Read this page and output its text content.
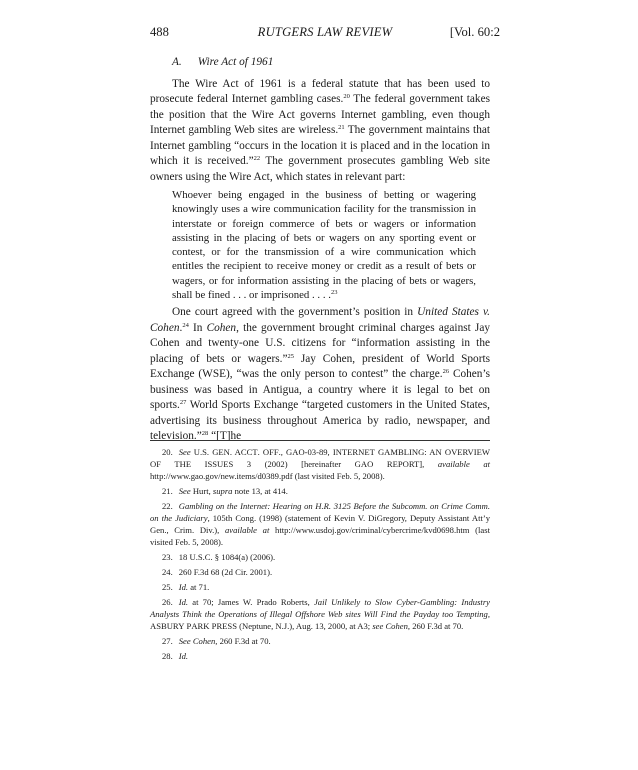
488	RUTGERS LAW REVIEW	[Vol. 60:2
A. Wire Act of 1961

The Wire Act of 1961 is a federal statute that has been used to prosecute federal Internet gambling cases.$^{20}$ The federal government takes the position that the Wire Act governs Internet gambling, even though Internet gambling Web sites are wireless.$^{21}$ The government maintains that Internet gambling “occurs in the location it is placed and in the location in which it is received.”$^{22}$ The government prosecutes gambling Web site owners using the Wire Act, which states in relevant part:

Whoever being engaged in the business of betting or wagering knowingly uses a wire communication facility for the transmission in interstate or foreign commerce of bets or wagers or information assisting in the placing of bets or wagers on any sporting event or contest, or for the transmission of a wire communication which entitles the recipient to receive money or credit as a result of bets or wagers, or for information assisting in the placing of bets or wagers, shall be fined . . . or imprisoned . . . .$^{23}$

One court agreed with the government’s position in United States v. Cohen.$^{24}$ In Cohen, the government brought criminal charges against Jay Cohen and twenty-one U.S. citizens for “information assisting in the placing of bets or wagers.”$^{25}$ Jay Cohen, president of World Sports Exchange (WSE), “was the only person to contest” the charge.$^{26}$ Cohen’s business was based in Antigua, a country where it is legal to bet on sports.$^{27}$ World Sports Exchange “targeted customers in the United States, advertising its business throughout America by radio, newspaper, and television.”$^{28}$ “[T]he

20. See U.S. GEN. ACCT. OFF., GAO-03-89, INTERNET GAMBLING: AN OVERVIEW OF THE ISSUES 3 (2002) [hereinafter GAO REPORT], available at http://www.gao.gov/new.items/d0389.pdf (last visited Feb. 5, 2008).

21. See Hurt, supra note 13, at 414.

22. Gambling on the Internet: Hearing on H.R. 3125 Before the Subcomm. on Crime Comm. on the Judiciary, 105th Cong. (1998) (statement of Kevin V. DiGregory, Deputy Assistant Att’y Gen., Crim. Div.), available at http://www.usdoj.gov/criminal/cybercrime/kvd0698.htm (last visited Feb. 5, 2008).

23. 18 U.S.C. § 1084(a) (2006).

24. 260 F.3d 68 (2d Cir. 2001).

25. Id. at 71.

26. Id. at 70; James W. Prado Roberts, Jail Unlikely to Slow Cyber-Gambling: Industry Analysts Think the Operations of Illegal Offshore Web sites Will Find the Payday too Tempting, ASBURY PARK PRESS (Neptune, N.J.), Aug. 13, 2000, at A3; see Cohen, 260 F.3d at 70.

27. See Cohen, 260 F.3d at 70.

28. Id.
